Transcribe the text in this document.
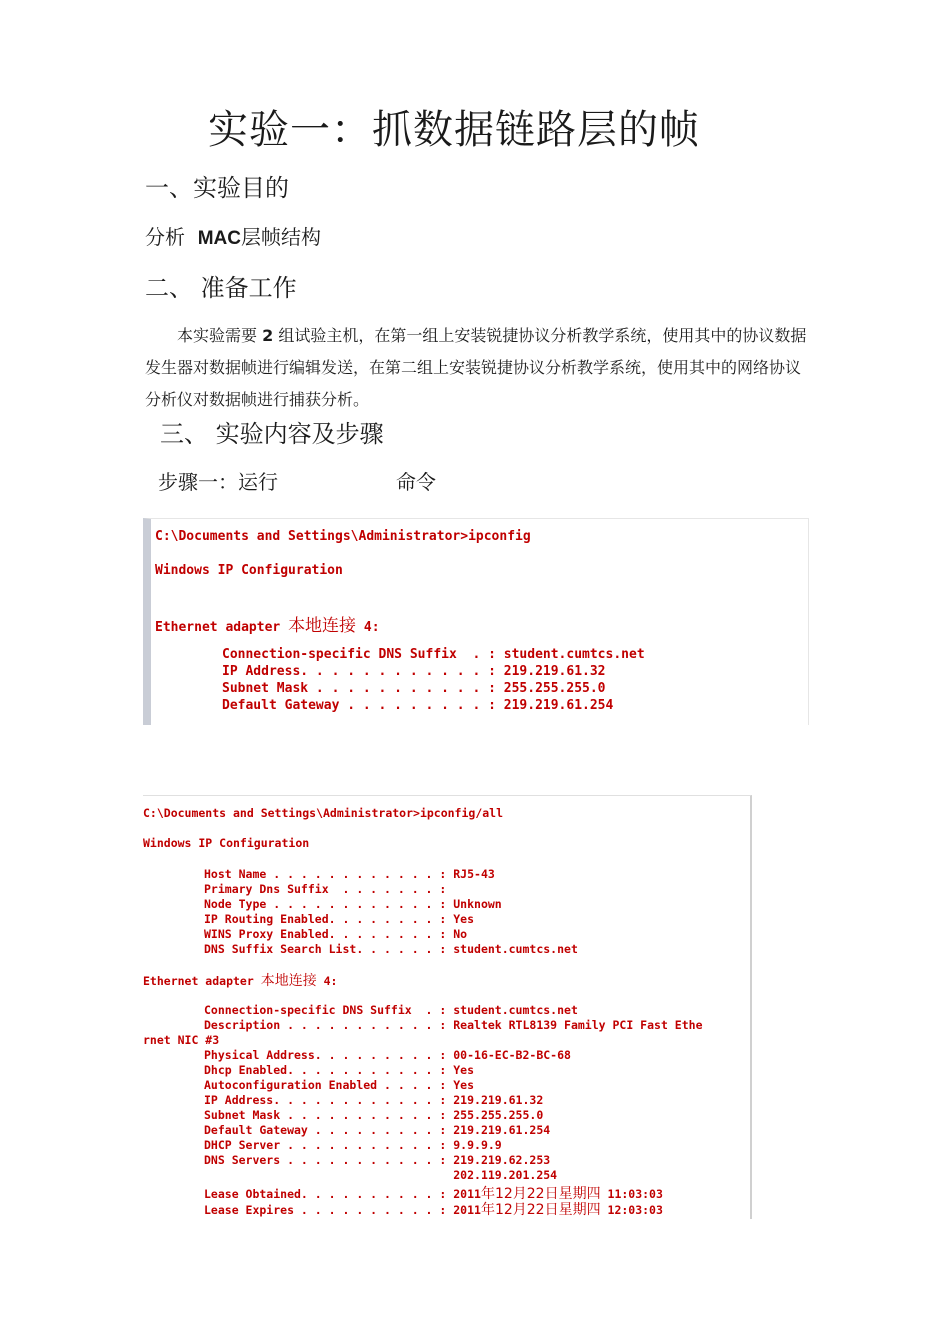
实验一：抓数据链路层的帧
一、实验目的
分析 MAC层帧结构
二、 准备工作
本实验需要 2 组试验主机，在第一组上安装锐捷协议分析教学系统，使用其中的协议数据发生器对数据帧进行编辑发送，在第二组上安装锐捷协议分析教学系统，使用其中的网络协议分析仪对数据帧进行捕获分析。
三、 实验内容及步骤
步骤一：运行	命令
C:\Documents and Settings\Administrator>ipconfig
Windows IP Configuration
Ethernet adapter 本地连接 4:
Connection-specific DNS Suffix  . : student.cumtcs.net
IP Address. . . . . . . . . . . . : 219.219.61.32
Subnet Mask . . . . . . . . . . . : 255.255.255.0
Default Gateway . . . . . . . . . : 219.219.61.254
C:\Documents and Settings\Administrator>ipconfig/all
Windows IP Configuration
Host Name . . . . . . . . . . . . : RJ5-43
Primary Dns Suffix  . . . . . . . :
Node Type . . . . . . . . . . . . : Unknown
IP Routing Enabled. . . . . . . . : Yes
WINS Proxy Enabled. . . . . . . . : No
DNS Suffix Search List. . . . . . : student.cumtcs.net
Ethernet adapter 本地连接 4:
Connection-specific DNS Suffix  . : student.cumtcs.net
Description . . . . . . . . . . . : Realtek RTL8139 Family PCI Fast Ethe
rnet NIC #3
Physical Address. . . . . . . . . : 00-16-EC-B2-BC-68
Dhcp Enabled. . . . . . . . . . . : Yes
Autoconfiguration Enabled . . . . : Yes
IP Address. . . . . . . . . . . . : 219.219.61.32
Subnet Mask . . . . . . . . . . . : 255.255.255.0
Default Gateway . . . . . . . . . : 219.219.61.254
DHCP Server . . . . . . . . . . . : 9.9.9.9
DNS Servers . . . . . . . . . . . : 219.219.62.253
202.119.201.254
Lease Obtained. . . . . . . . . . : 2011年12月22日星期四 11:03:03
Lease Expires . . . . . . . . . . : 2011年12月22日星期四 12:03:03
